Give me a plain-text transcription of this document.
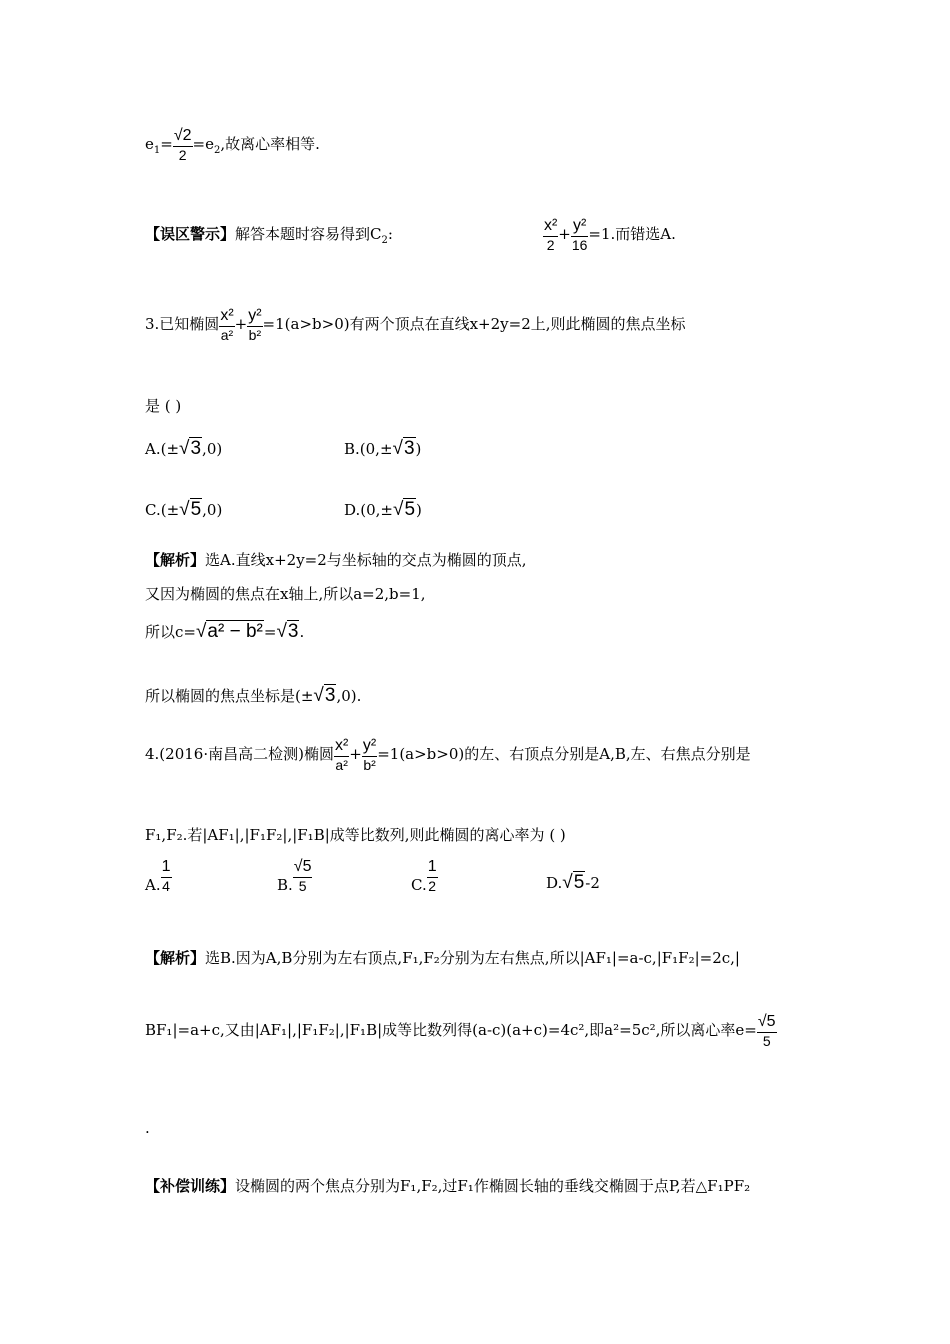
$e_1= \frac{√2}{2} =e_2$,故离心率相等.
【误区警示】解答本题时容易得到$C_2$:	$\frac{\text{x²}}{2} + \frac{\text{y²}}{16} =1$.而错选A.
3.已知椭圆 $\frac{\text{x²}}{\text{a²}} + \frac{\text{y²}}{\text{b²}} =1(a>b>0)$有两个顶点在直线x+2y=2上,则此椭圆的焦点坐标
是 ( )
A.(±√3,0)	B.(0,±√3)
C.(±√5,0)	D.(0,±√5)
【解析】选A.直线x+2y=2与坐标轴的交点为椭圆的顶点,
又因为椭圆的焦点在x轴上,所以a=2,b=1,
所以c=√a² − b²=√3.
所以椭圆的焦点坐标是(±√3,0).
4.(2016·南昌高二检测)椭圆 $\frac{\text{x²}}{\text{a²}} + \frac{\text{y²}}{\text{b²}} =1(a>b>0)$的左、右顶点分别是A,B,左、右焦点分别是
F₁,F₂.若|AF₁|,|F₁F₂|,|F₁B|成等比数列,则此椭圆的离心率为 ( )
A. $\frac{1}{4}$	B. $\frac{√5}{5}$	C. $\frac{1}{2}$	D.√5-2
【解析】选B.因为A,B分别为左右顶点,F₁,F₂分别为左右焦点,所以|AF₁|=a-c,|F₁F₂|=2c,|
BF₁|=a+c,又由|AF₁|,|F₁F₂|,|F₁B|成等比数列得(a-c)(a+c)=4c²,即a²=5c²,所以离心率$e= \frac{√5}{5}$
.
【补偿训练】设椭圆的两个焦点分别为F₁,F₂,过F₁作椭圆长轴的垂线交椭圆于点P,若△F₁PF₂
